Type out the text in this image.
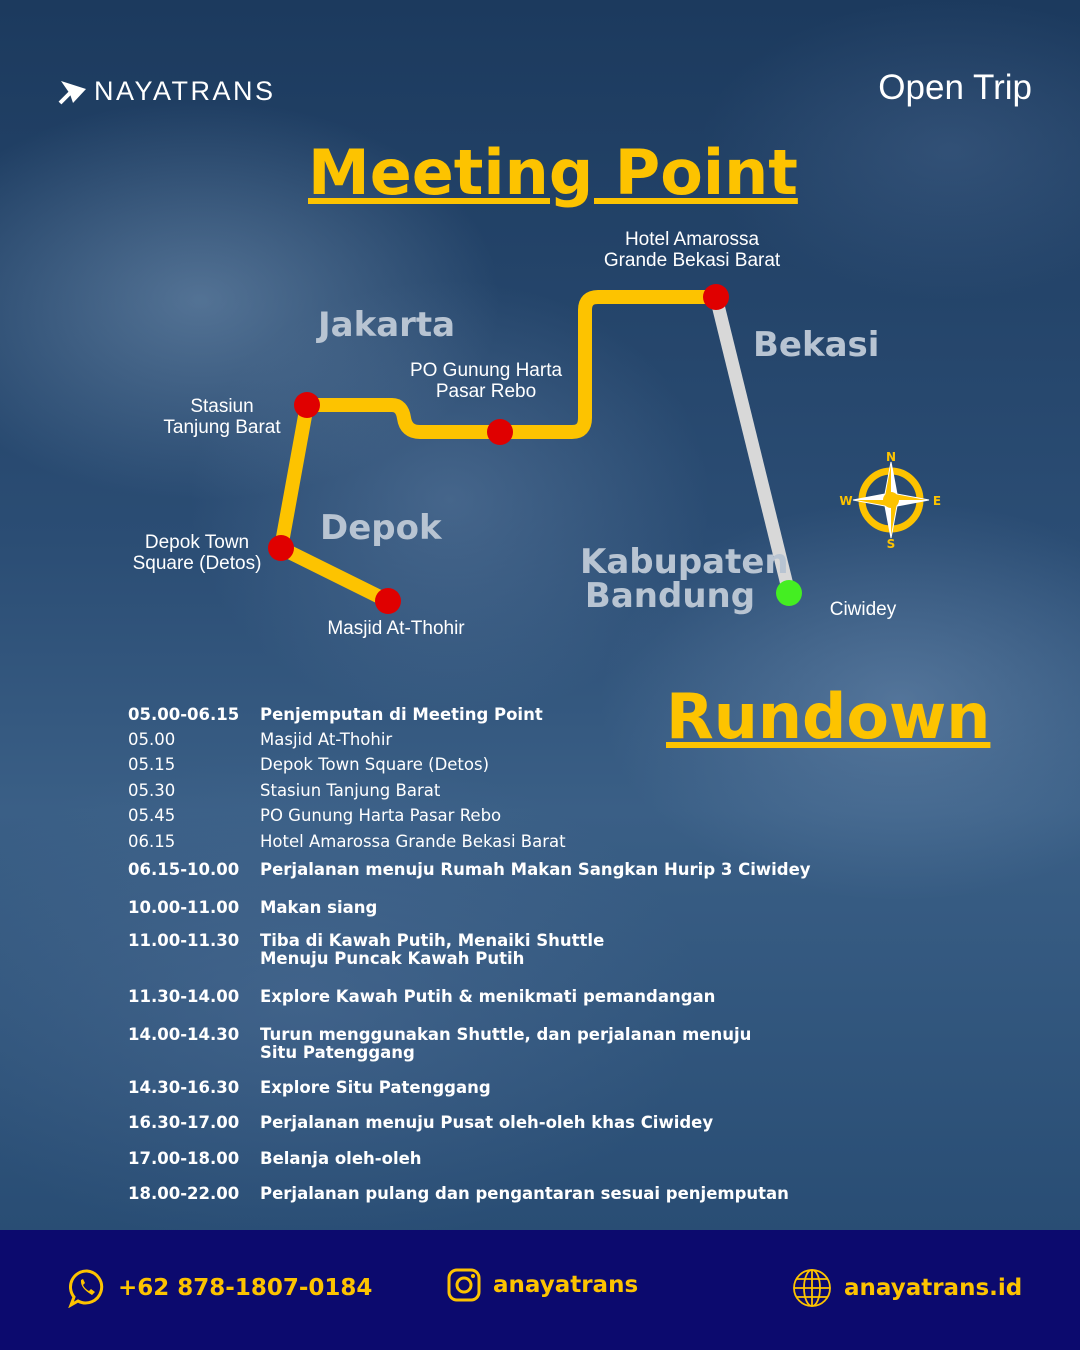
NAYATRANS	Open Trip
Meeting Point
Jakarta	Bekasi
Depok
Kabupaten Bandung
Hotel Amarossa
Grande Bekasi Barat
PO Gunung Harta
Pasar Rebo
Stasiun
Tanjung Barat
Depok Town
Square (Detos)
Masjid At-Thohir
Ciwidey
N
S
E
W
Rundown
05.00-06.15	Penjemputan di Meeting Point
05.00	Masjid At-Thohir
05.15	Depok Town Square (Detos)
05.30	Stasiun Tanjung Barat
05.45	PO Gunung Harta Pasar Rebo
06.15	Hotel Amarossa Grande Bekasi Barat
06.15-10.00	Perjalanan menuju Rumah Makan Sangkan Hurip 3 Ciwidey
10.00-11.00	Makan siang
11.00-11.30	Tiba di Kawah Putih, Menaiki Shuttle
Menuju Puncak Kawah Putih
11.30-14.00	Explore Kawah Putih & menikmati pemandangan
14.00-14.30	Turun menggunakan Shuttle, dan perjalanan menuju
Situ Patenggang
14.30-16.30	Explore Situ Patenggang
16.30-17.00	Perjalanan menuju Pusat oleh-oleh khas Ciwidey
17.00-18.00	Belanja oleh-oleh
18.00-22.00	Perjalanan pulang dan pengantaran sesuai penjemputan
+62 878-1807-0184	anayatrans	anayatrans.id
